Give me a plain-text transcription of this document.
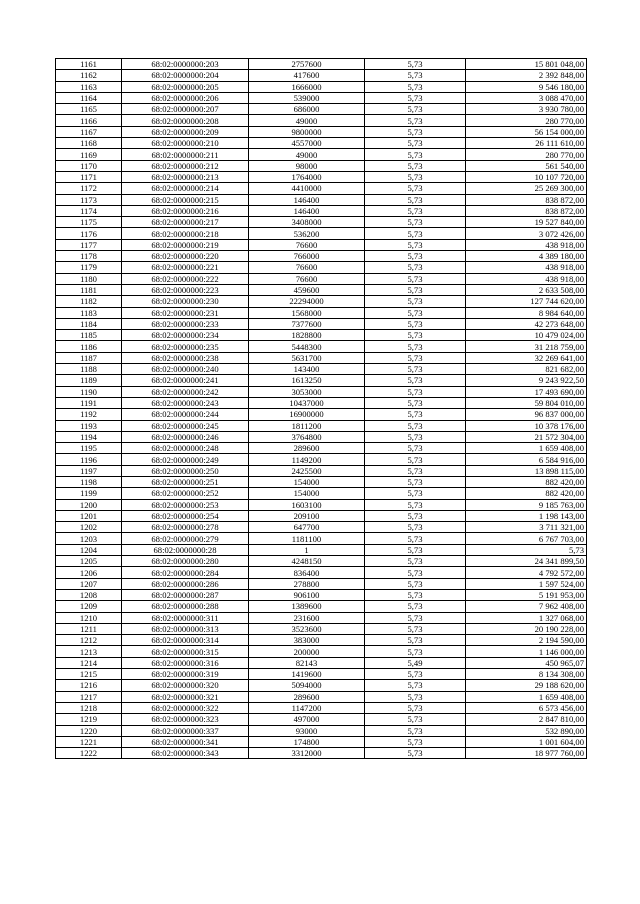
1161	68:02:0000000:203	2757600	5,73	15 801 048,00
1162	68:02:0000000:204	417600	5,73	2 392 848,00
1163	68:02:0000000:205	1666000	5,73	9 546 180,00
1164	68:02:0000000:206	539000	5,73	3 088 470,00
1165	68:02:0000000:207	686000	5,73	3 930 780,00
1166	68:02:0000000:208	49000	5,73	280 770,00
1167	68:02:0000000:209	9800000	5,73	56 154 000,00
1168	68:02:0000000:210	4557000	5,73	26 111 610,00
1169	68:02:0000000:211	49000	5,73	280 770,00
1170	68:02:0000000:212	98000	5,73	561 540,00
1171	68:02:0000000:213	1764000	5,73	10 107 720,00
1172	68:02:0000000:214	4410000	5,73	25 269 300,00
1173	68:02:0000000:215	146400	5,73	838 872,00
1174	68:02:0000000:216	146400	5,73	838 872,00
1175	68:02:0000000:217	3408000	5,73	19 527 840,00
1176	68:02:0000000:218	536200	5,73	3 072 426,00
1177	68:02:0000000:219	76600	5,73	438 918,00
1178	68:02:0000000:220	766000	5,73	4 389 180,00
1179	68:02:0000000:221	76600	5,73	438 918,00
1180	68:02:0000000:222	76600	5,73	438 918,00
1181	68:02:0000000:223	459600	5,73	2 633 508,00
1182	68:02:0000000:230	22294000	5,73	127 744 620,00
1183	68:02:0000000:231	1568000	5,73	8 984 640,00
1184	68:02:0000000:233	7377600	5,73	42 273 648,00
1185	68:02:0000000:234	1828800	5,73	10 479 024,00
1186	68:02:0000000:235	5448300	5,73	31 218 759,00
1187	68:02:0000000:238	5631700	5,73	32 269 641,00
1188	68:02:0000000:240	143400	5,73	821 682,00
1189	68:02:0000000:241	1613250	5,73	9 243 922,50
1190	68:02:0000000:242	3053000	5,73	17 493 690,00
1191	68:02:0000000:243	10437000	5,73	59 804 010,00
1192	68:02:0000000:244	16900000	5,73	96 837 000,00
1193	68:02:0000000:245	1811200	5,73	10 378 176,00
1194	68:02:0000000:246	3764800	5,73	21 572 304,00
1195	68:02:0000000:248	289600	5,73	1 659 408,00
1196	68:02:0000000:249	1149200	5,73	6 584 916,00
1197	68:02:0000000:250	2425500	5,73	13 898 115,00
1198	68:02:0000000:251	154000	5,73	882 420,00
1199	68:02:0000000:252	154000	5,73	882 420,00
1200	68:02:0000000:253	1603100	5,73	9 185 763,00
1201	68:02:0000000:254	209100	5,73	1 198 143,00
1202	68:02:0000000:278	647700	5,73	3 711 321,00
1203	68:02:0000000:279	1181100	5,73	6 767 703,00
1204	68:02:0000000:28	1	5,73	5,73
1205	68:02:0000000:280	4248150	5,73	24 341 899,50
1206	68:02:0000000:284	836400	5,73	4 792 572,00
1207	68:02:0000000:286	278800	5,73	1 597 524,00
1208	68:02:0000000:287	906100	5,73	5 191 953,00
1209	68:02:0000000:288	1389600	5,73	7 962 408,00
1210	68:02:0000000:311	231600	5,73	1 327 068,00
1211	68:02:0000000:313	3523600	5,73	20 190 228,00
1212	68:02:0000000:314	383000	5,73	2 194 590,00
1213	68:02:0000000:315	200000	5,73	1 146 000,00
1214	68:02:0000000:316	82143	5,49	450 965,07
1215	68:02:0000000:319	1419600	5,73	8 134 308,00
1216	68:02:0000000:320	5094000	5,73	29 188 620,00
1217	68:02:0000000:321	289600	5,73	1 659 408,00
1218	68:02:0000000:322	1147200	5,73	6 573 456,00
1219	68:02:0000000:323	497000	5,73	2 847 810,00
1220	68:02:0000000:337	93000	5,73	532 890,00
1221	68:02:0000000:341	174800	5,73	1 001 604,00
1222	68:02:0000000:343	3312000	5,73	18 977 760,00
